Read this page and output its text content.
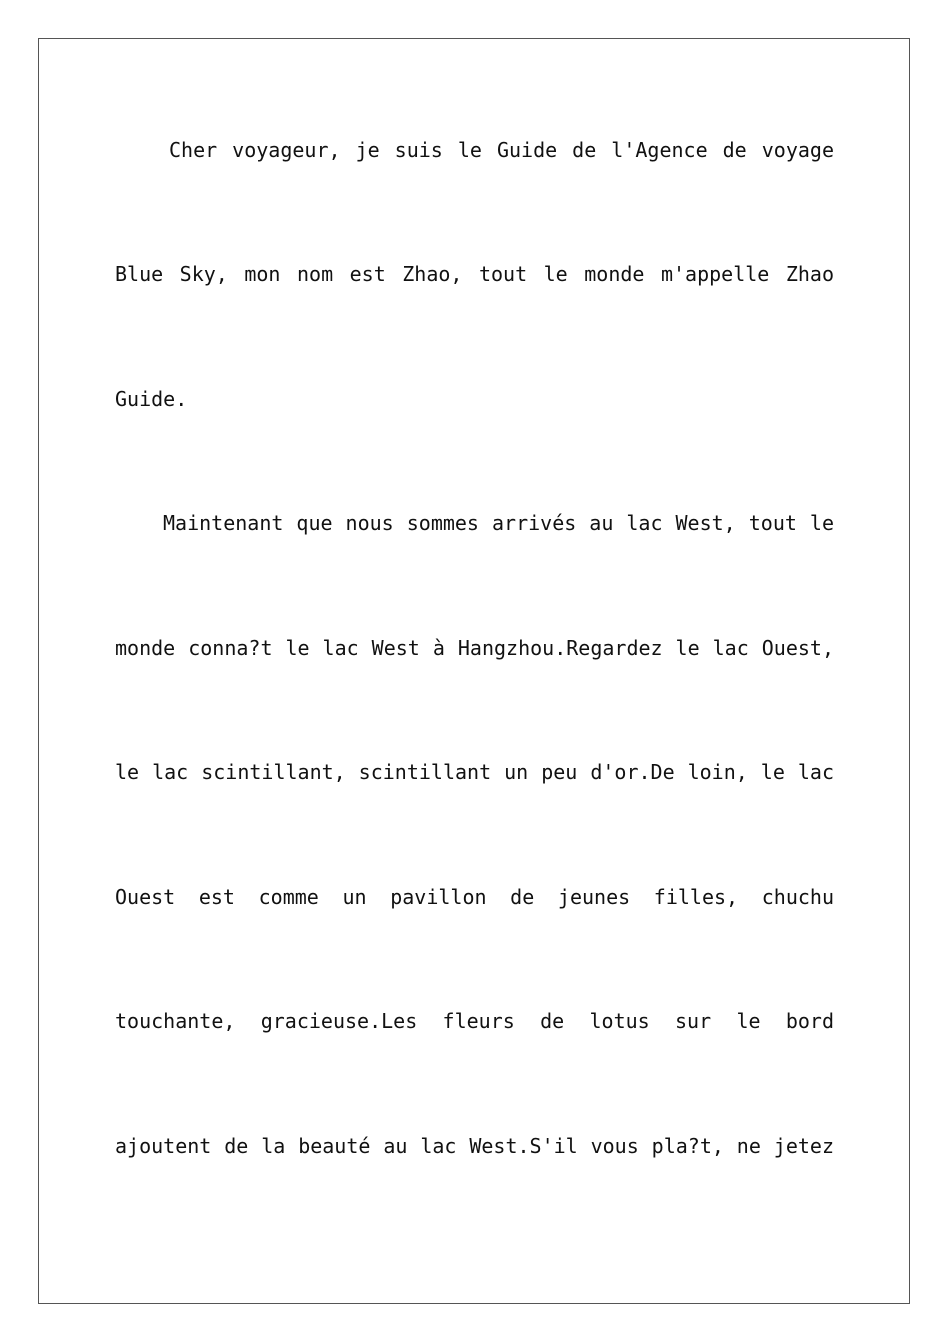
Cher voyageur, je suis le Guide de l'Agence de voyage
Blue Sky, mon nom est Zhao, tout le monde m'appelle Zhao
Guide.
Maintenant que nous sommes arrivés au lac West, tout le
monde conna?t le lac West à Hangzhou.Regardez le lac Ouest,
le lac scintillant, scintillant un peu d'or.De loin, le lac
Ouest est comme un pavillon de jeunes filles, chuchu
touchante, gracieuse.Les fleurs de lotus sur le bord
ajoutent de la beauté au lac West.S'il vous pla?t, ne jetez
